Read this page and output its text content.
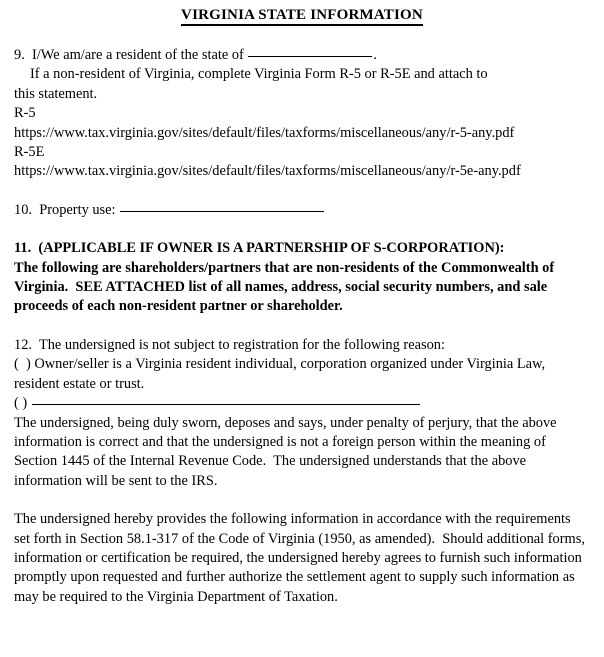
VIRGINIA STATE INFORMATION
9. I/We am/are a resident of the state of	.
If a non-resident of Virginia, complete Virginia Form R-5 or R-5E and attach to
this statement.
R-5
https://www.tax.virginia.gov/sites/default/files/taxforms/miscellaneous/any/r-5-any.pdf
R-5E
https://www.tax.virginia.gov/sites/default/files/taxforms/miscellaneous/any/r-5e-any.pdf
10. Property use:
11. (APPLICABLE IF OWNER IS A PARTNERSHIP OF S-CORPORATION):
The following are shareholders/partners that are non-residents of the Commonwealth of Virginia.  SEE ATTACHED list of all names, address, social security numbers, and sale proceeds of each non-resident partner or shareholder.
12. The undersigned is not subject to registration for the following reason:
(  ) Owner/seller is a Virginia resident individual, corporation organized under Virginia Law, resident estate or trust.
( )
The undersigned, being duly sworn, deposes and says, under penalty of perjury, that the above information is correct and that the undersigned is not a foreign person within the meaning of Section 1445 of the Internal Revenue Code.  The undersigned understands that the above information will be sent to the IRS.
The undersigned hereby provides the following information in accordance with the requirements set forth in Section 58.1-317 of the Code of Virginia (1950, as amended).  Should additional forms, information or certification be required, the undersigned hereby agrees to furnish such information promptly upon requested and further authorize the settlement agent to supply such information as may be required to the Virginia Department of Taxation.
